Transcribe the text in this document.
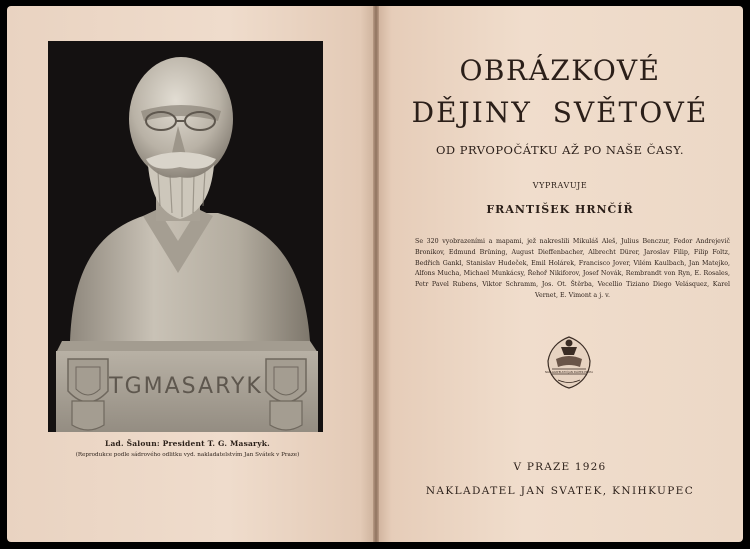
TGMASARYK
Lad. Šaloun: President T. G. Masaryk.
(Reprodukce podle sádrového odlitku vyd. nakladatelstvím Jan Svátek v Praze)
OBRÁZKOVÉ
DĚJINY SVĚTOVÉ
OD PRVOPOČÁTKU AŽ PO NAŠE ČASY.
VYPRAVUJE
FRANTIŠEK HRNČÍŘ
Se 320 vyobrazeními a mapami, jež nakreslili Mikuláš Aleš, Julius Benczur, Fedor Andrejevič Bronikov, Edmund Brüning, August Dieffenbacher, Albrecht Dürer, Jaroslav Filip, Filip Foltz, Bedřich Gankl, Stanislav Hudeček, Emil Holárek, Francisco Jover, Vilém Kaulbach, Jan Matejko, Alfons Mucha, Michael Munkácsy, Řehoř Nikiforov, Josef Novák, Rembrandt von Ryn, E. Rosales, Petr Pavel Rubens, Viktor Schramm, Jos. Ot. Štěrba, Vecellio Tiziano Diego Velásquez, Karel Vernet, E. Vimont a j. v.
NAKLADATELSTVÍ JAN SVÁTEK PRAHA
V PRAZE 1926
NAKLADATEL JAN SVATEK, KNIHKUPEC
